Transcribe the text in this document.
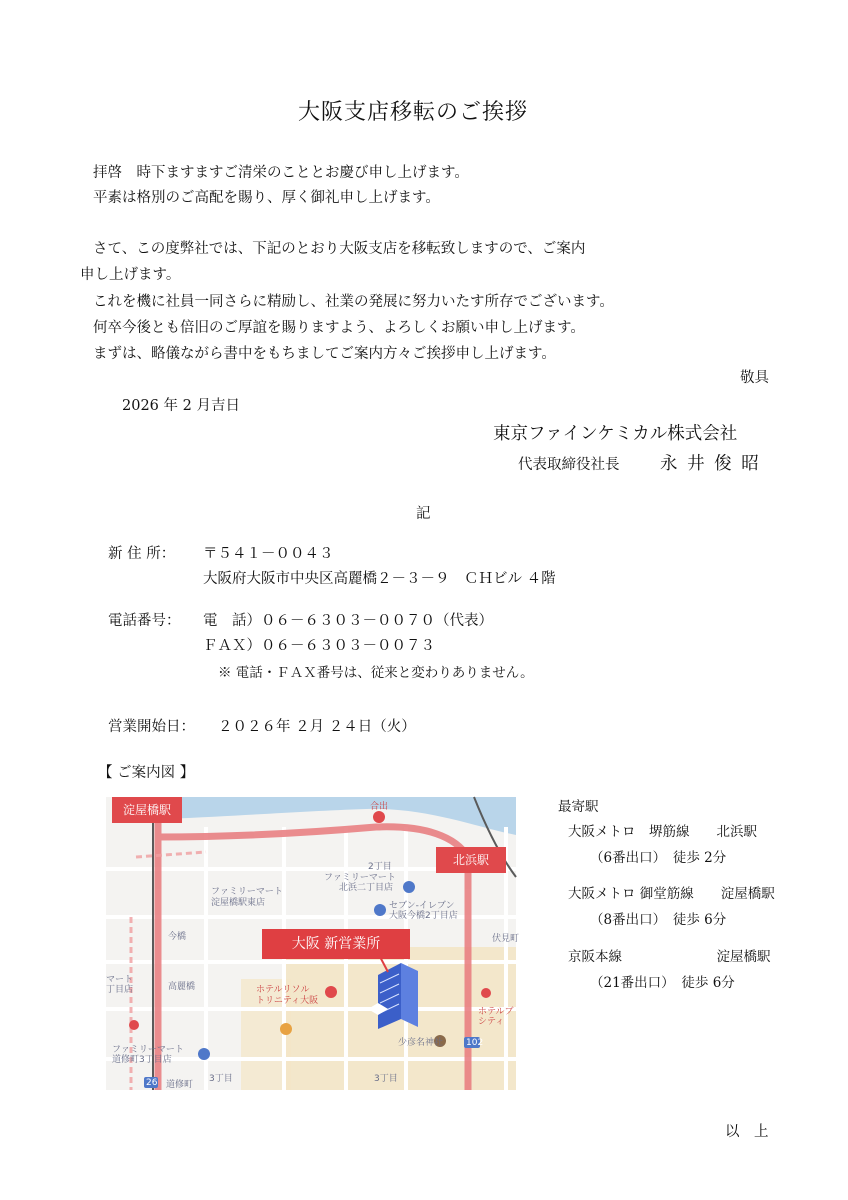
大阪支店移転のご挨拶
拝啓　時下ますますご清栄のこととお慶び申し上げます。
平素は格別のご高配を賜り、厚く御礼申し上げます。
さて、この度弊社では、下記のとおり大阪支店を移転致しますので、ご案内
申し上げます。
これを機に社員一同さらに精励し、社業の発展に努力いたす所存でございます。
何卒今後とも倍旧のご厚誼を賜りますよう、よろしくお願い申し上げます。
まずは、略儀ながら書中をもちましてご案内方々ご挨拶申し上げます。
敬具
2026 年 2 月吉日
東京ファインケミカル株式会社
代表取締役社長 永 井 俊 昭
記
新 住 所： 〒５４１－００４３
大阪府大阪市中央区高麗橋２－３－９　ＣＨビル ４階
電話番号： 電　話）０６－６３０３－００７０（代表）
ＦＡＸ）０６－６３０３－００７３
※ 電話・ＦＡＸ番号は、従来と変わりありません。
営業開始日： ２０２６年 ２月 ２４日（火）
【 ご案内図 】
淀屋橋駅
北浜駅
大阪 新営業所
ファミリーマート
北浜二丁目店
ファミリーマート
淀屋橋駅東店	セブン-イレブン
大阪今橋2丁目店
ホテルリソル
トリニティ大阪
ファミリーマート
道修町3丁目店
マート
丁目店
ホテルブ
シティ
少彦名神社
2丁目
3丁目	3丁目
102
26
今橋
高麗橋
伏見町
道修町
合出	最寄駅
大阪メトロ　堺筋線　　北浜駅
（6番出口）　徒歩 2分
大阪メトロ 御堂筋線　　淀屋橋駅
（8番出口）　徒歩 6分
京阪本線　　　　　　　淀屋橋駅
（21番出口）　徒歩 6分
以　上
